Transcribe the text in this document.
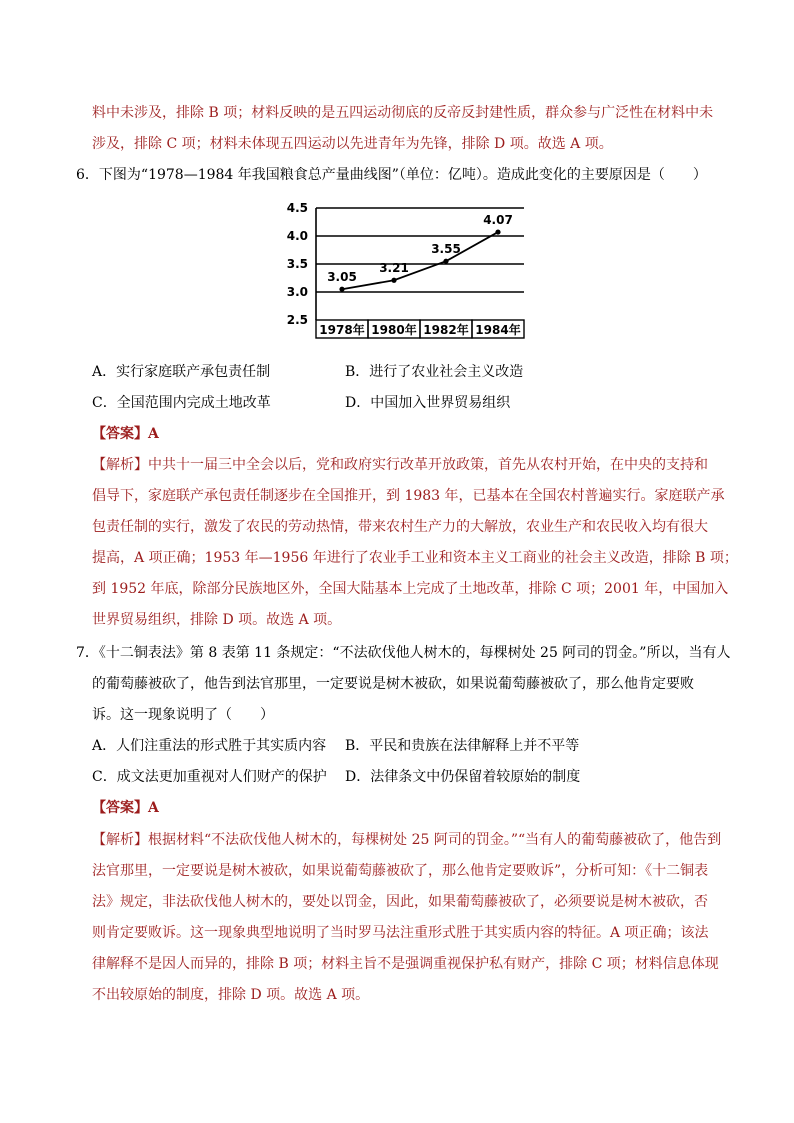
料中未涉及，排除 B 项；材料反映的是五四运动彻底的反帝反封建性质，群众参与广泛性在材料中未
涉及，排除 C 项；材料未体现五四运动以先进青年为先锋，排除 D 项。故选 A 项。
6．下图为“1978—1984 年我国粮食总产量曲线图”（单位：亿吨）。造成此变化的主要原因是（　　）
2.5
3.0
3.5
4.0
4.5
1978年 1980年 1982年 1984年
3.05
3.21
3.55
4.07
A．实行家庭联产承包责任制	B．进行了农业社会主义改造
C．全国范围内完成土地改革	D．中国加入世界贸易组织
【答案】A
【解析】中共十一届三中全会以后，党和政府实行改革开放政策，首先从农村开始，在中央的支持和
倡导下，家庭联产承包责任制逐步在全国推开，到 1983 年，已基本在全国农村普遍实行。家庭联产承
包责任制的实行，激发了农民的劳动热情，带来农村生产力的大解放，农业生产和农民收入均有很大
提高，A 项正确；1953 年—1956 年进行了农业手工业和资本主义工商业的社会主义改造，排除 B 项；
到 1952 年底，除部分民族地区外，全国大陆基本上完成了土地改革，排除 C 项；2001 年，中国加入
世界贸易组织，排除 D 项。故选 A 项。
7．《十二铜表法》第 8 表第 11 条规定：“不法砍伐他人树木的，每棵树处 25 阿司的罚金。”所以，当有人
的葡萄藤被砍了，他告到法官那里，一定要说是树木被砍，如果说葡萄藤被砍了，那么他肯定要败
诉。这一现象说明了（　　）
A．人们注重法的形式胜于其实质内容 B．平民和贵族在法律解释上并不平等
C．成文法更加重视对人们财产的保护 D．法律条文中仍保留着较原始的制度
【答案】A
【解析】根据材料“不法砍伐他人树木的，每棵树处 25 阿司的罚金。”“当有人的葡萄藤被砍了，他告到
法官那里，一定要说是树木被砍，如果说葡萄藤被砍了，那么他肯定要败诉”，分析可知：《十二铜表
法》规定，非法砍伐他人树木的，要处以罚金，因此，如果葡萄藤被砍了，必须要说是树木被砍，否
则肯定要败诉。这一现象典型地说明了当时罗马法注重形式胜于其实质内容的特征。A 项正确；该法
律解释不是因人而异的，排除 B 项；材料主旨不是强调重视保护私有财产，排除 C 项；材料信息体现
不出较原始的制度，排除 D 项。故选 A 项。
